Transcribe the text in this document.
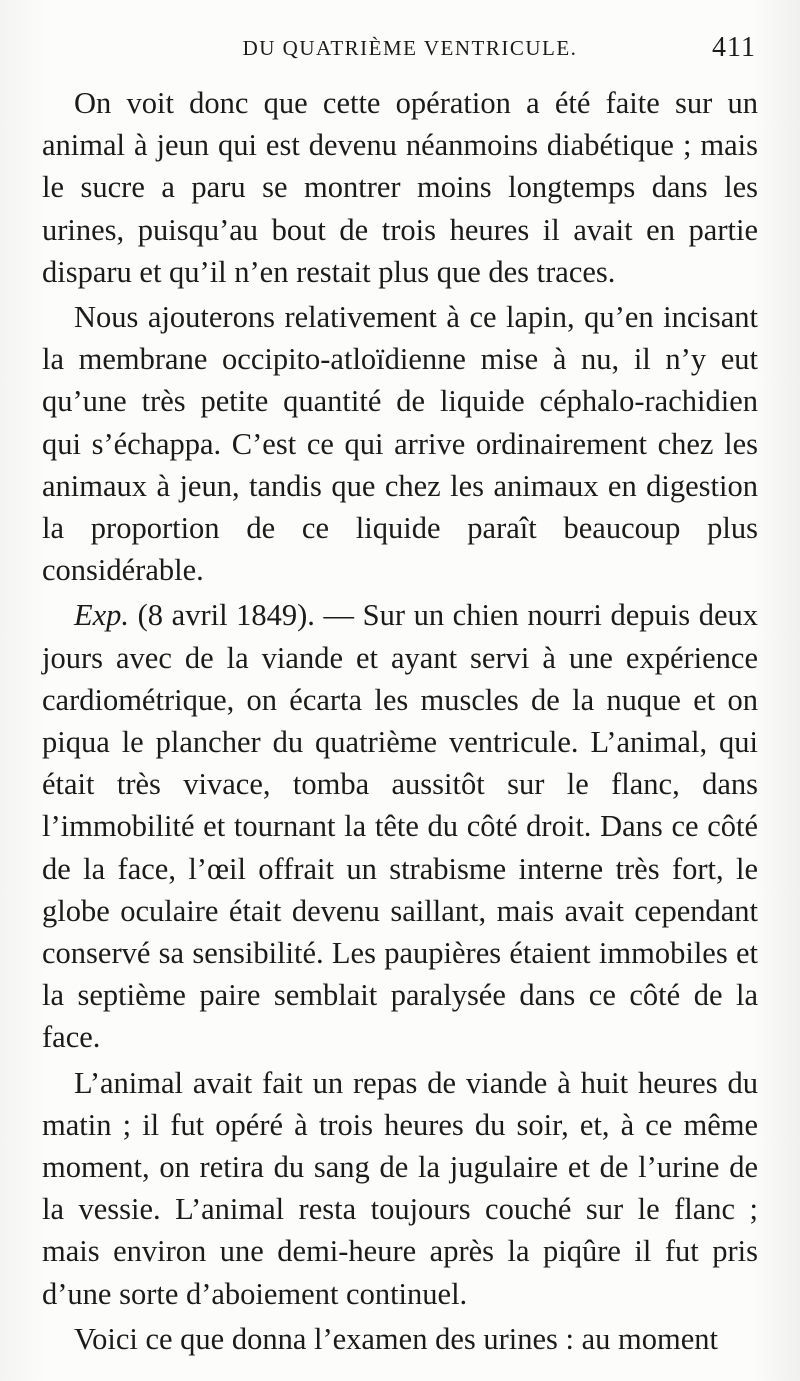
DU QUATRIÈME VENTRICULE.	411

On voit donc que cette opération a été faite sur un animal à jeun qui est devenu néanmoins diabétique ; mais le sucre a paru se montrer moins longtemps dans les urines, puisqu’au bout de trois heures il avait en partie disparu et qu’il n’en restait plus que des traces.

Nous ajouterons relativement à ce lapin, qu’en incisant la membrane occipito-atloïdienne mise à nu, il n’y eut qu’une très petite quantité de liquide céphalo-rachidien qui s’échappa. C’est ce qui arrive ordinairement chez les animaux à jeun, tandis que chez les animaux en digestion la proportion de ce liquide paraît beaucoup plus considérable.

Exp. (8 avril 1849). — Sur un chien nourri depuis deux jours avec de la viande et ayant servi à une expérience cardiométrique, on écarta les muscles de la nuque et on piqua le plancher du quatrième ventricule. L’animal, qui était très vivace, tomba aussitôt sur le flanc, dans l’immobilité et tournant la tête du côté droit. Dans ce côté de la face, l’œil offrait un strabisme interne très fort, le globe oculaire était devenu saillant, mais avait cependant conservé sa sensibilité. Les paupières étaient immobiles et la septième paire semblait paralysée dans ce côté de la face.

L’animal avait fait un repas de viande à huit heures du matin ; il fut opéré à trois heures du soir, et, à ce même moment, on retira du sang de la jugulaire et de l’urine de la vessie. L’animal resta toujours couché sur le flanc ; mais environ une demi-heure après la piqûre il fut pris d’une sorte d’aboiement continuel.

Voici ce que donna l’examen des urines : au moment
